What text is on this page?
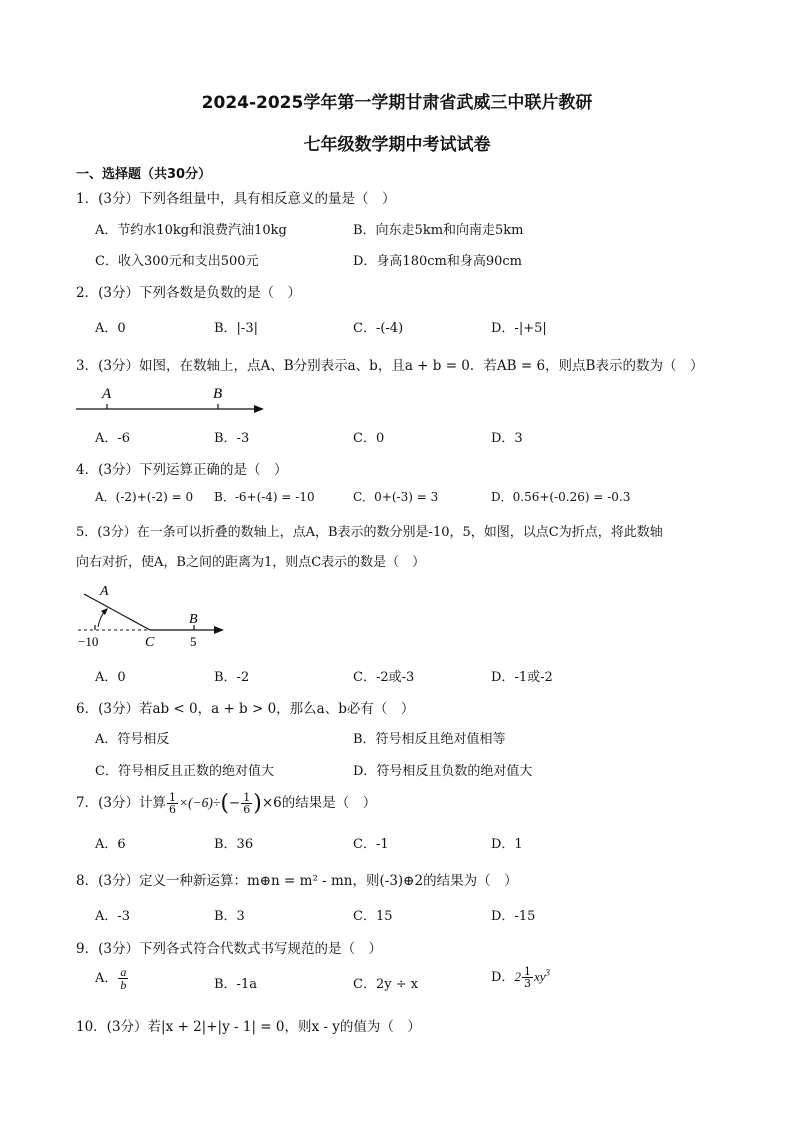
2024-2025学年第一学期甘肃省武威三中联片教研
七年级数学期中考试试卷
一、选择题（共30分）
1．(3分）下列各组量中，具有相反意义的量是（　）
A．节约水10kg和浪费汽油10kg	B．向东走5km和向南走5km
C．收入300元和支出500元	D．身高180cm和身高90cm
2．(3分）下列各数是负数的是（　）
A．0	B．|-3|	C．-(-4)	D．-|+5|
3．(3分）如图，在数轴上，点A、B分别表示a、b，且a + b = 0．若AB = 6，则点B表示的数为（　）
A	B
A．-6	B．-3	C．0	D．3
4．(3分）下列运算正确的是（　）
A．(-2)+(-2) = 0 B．-6+(-4) = -10	C．0+(-3) = 3	D．0.56+(-0.26) = -0.3
5．(3分）在一条可以折叠的数轴上，点A，B表示的数分别是-10，5，如图，以点C为折点，将此数轴
向右对折，使A，B之间的距离为1，则点C表示的数是（　）
A
B
C
−10	5
A．0	B．-2	C．-2或-3	D．-1或-2
6．(3分）若ab < 0，a + b > 0，那么a、b必有（　）
A．符号相反	B．符号相反且绝对值相等
C．符号相反且正数的绝对值大	D．符号相反且负数的绝对值大
7．(3分）计算 $\frac{1}{6} \times(-6)\div(- \frac{1}{6} )\times 6$的结果是（　）
A．6	B．36	C．-1	D．1
8．(3分）定义一种新运算：m⊕n = m² - mn，则(-3)⊕2的结果为（　）
A．-3	B．3	C．15	D．-15
9．(3分）下列各式符合代数式书写规范的是（　）
A． $\frac{a}{b}$	B．-1a	C．2y ÷ x	D．$2 \frac{1}{3} xy^3$
10．(3分）若|x + 2|+|y - 1| = 0，则x - y的值为（　）
